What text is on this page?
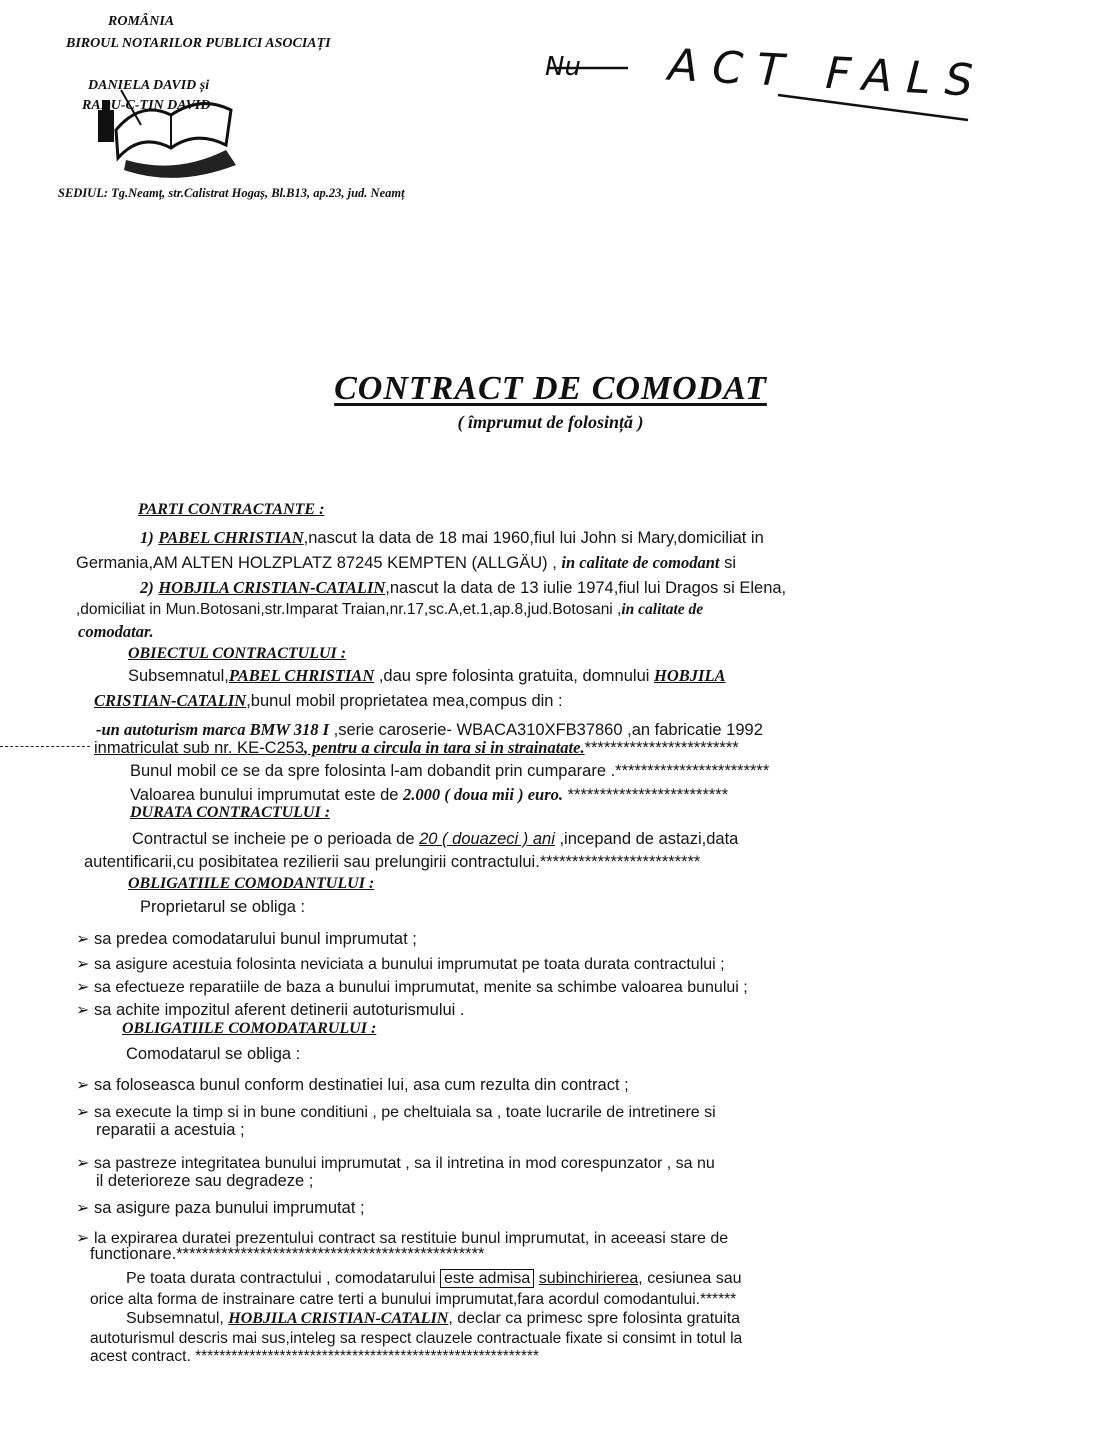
ROMÂNIA
BIROUL NOTARILOR PUBLICI ASOCIAȚI
DANIELA DAVID și
RADU-C-TIN DAVID
SEDIUL: Tg.Neamț, str.Calistrat Hogaș, Bl.B13, ap.23, jud. Neamț
Nu ACT FALS
CONTRACT DE COMODAT
( împrumut de folosință )
PARTI CONTRACTANTE :
1) PABEL CHRISTIAN,nascut la data de 18 mai 1960,fiul lui John si Mary,domiciliat in
Germania,AM ALTEN HOLZPLATZ 87245 KEMPTEN (ALLGÄU) , in calitate de comodant si
2) HOBJILA CRISTIAN-CATALIN,nascut la data de 13 iulie 1974,fiul lui Dragos si Elena,
,domiciliat in Mun.Botosani,str.Imparat Traian,nr.17,sc.A,et.1,ap.8,jud.Botosani ,in calitate de
comodatar.
OBIECTUL CONTRACTULUI :
Subsemnatul,PABEL CHRISTIAN ,dau spre folosinta gratuita, domnului HOBJILA
CRISTIAN-CATALIN,bunul mobil proprietatea mea,compus din :
-un autoturism marca BMW 318 I ,serie caroserie- WBACA310XFB37860 ,an fabricatie 1992
inmatriculat sub nr. KE-C253, pentru a circula in tara si in strainatate.************************
Bunul mobil ce se da spre folosinta l-am dobandit prin cumparare .************************
Valoarea bunului imprumutat este de 2.000 ( doua mii ) euro. *************************
DURATA CONTRACTULUI :
Contractul se incheie pe o perioada de 20 ( douazeci ) ani ,incepand de astazi,data
autentificarii,cu posibitatea rezilierii sau prelungirii contractului.*************************
OBLIGATIILE COMODANTULUI :
Proprietarul se obliga :
➢ sa predea comodatarului bunul imprumutat ;
➢ sa asigure acestuia folosinta neviciata a bunului imprumutat pe toata durata contractului ;
➢ sa efectueze reparatiile de baza a bunului imprumutat, menite sa schimbe valoarea bunului ;
➢ sa achite impozitul aferent detinerii autoturismului .
OBLIGATIILE COMODATARULUI :
Comodatarul se obliga :
➢ sa foloseasca bunul conform destinatiei lui, asa cum rezulta din contract ;
➢ sa execute la timp si in bune conditiuni , pe cheltuiala sa , toate lucrarile de intretinere si
reparatii a acestuia ;
➢ sa pastreze integritatea bunului imprumutat , sa il intretina in mod corespunzator , sa nu
il deterioreze sau degradeze ;
➢ sa asigure paza bunului imprumutat ;
➢ la expirarea duratei prezentului contract sa restituie bunul imprumutat, in aceeasi stare de
functionare.************************************************
Pe toata durata contractului , comodatarului este admisa subinchirierea, cesiunea sau
orice alta forma de instrainare catre terti a bunului imprumutat,fara acordul comodantului.******
Subsemnatul, HOBJILA CRISTIAN-CATALIN, declar ca primesc spre folosinta gratuita
autoturismul descris mai sus,inteleg sa respect clauzele contractuale fixate si consimt in totul la
acest contract. *********************************************************
